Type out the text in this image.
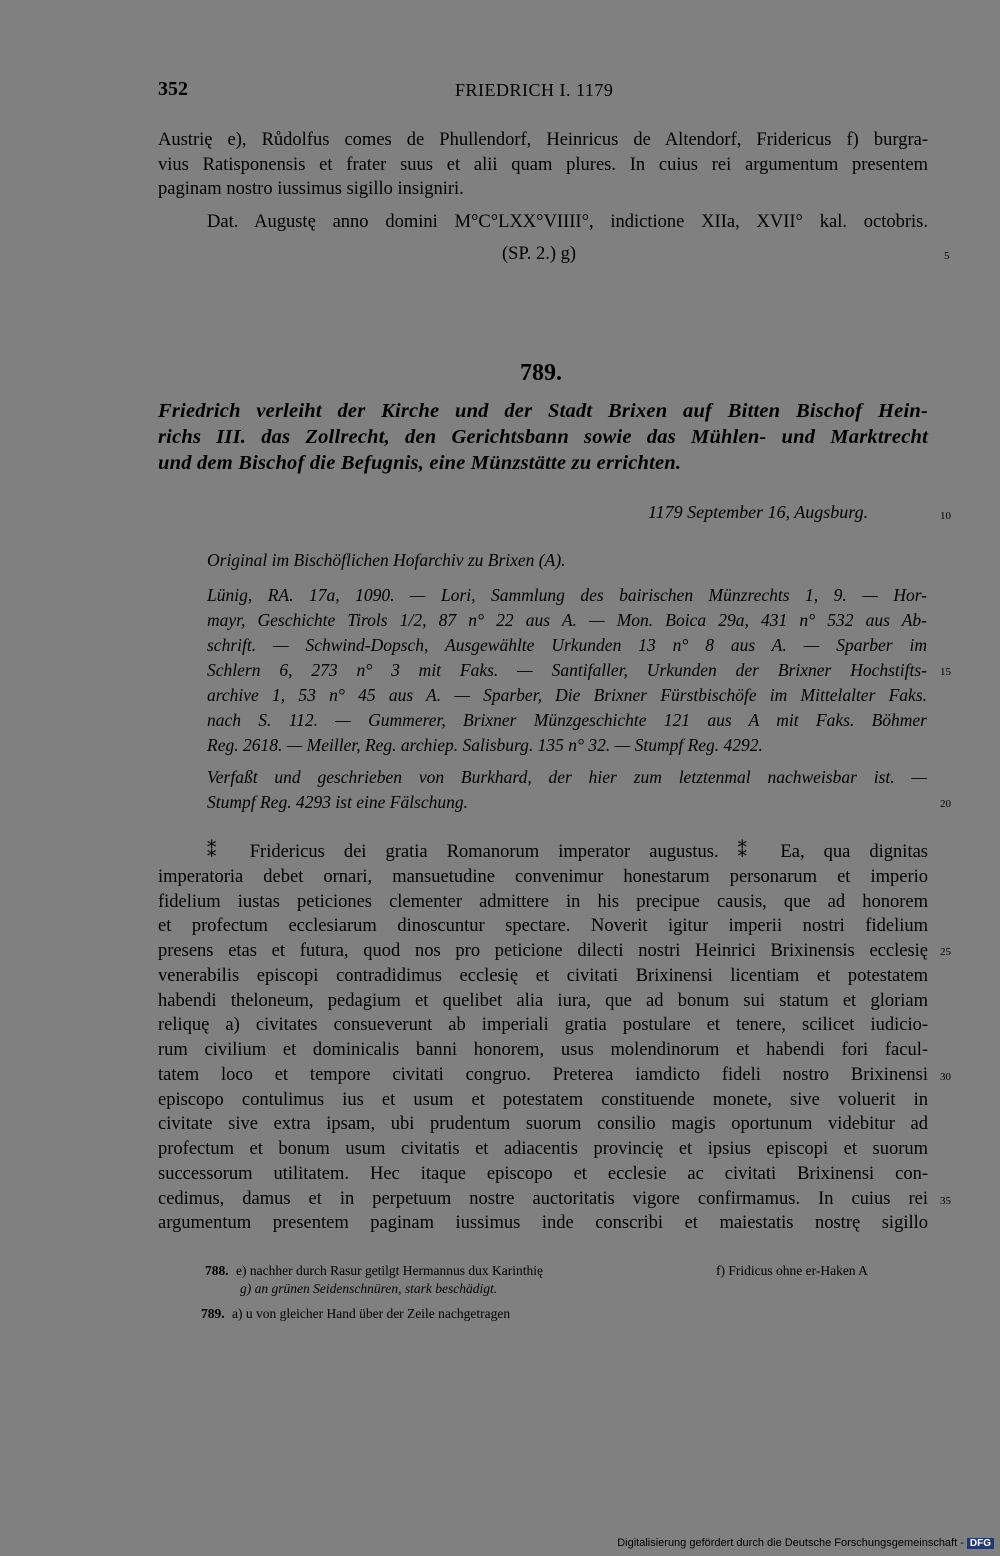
352	FRIEDRICH I. 1179
Austrię e), Růdolfus comes de Phullendorf, Heinricus de Altendorf, Fridericus f) burgra-
vius Ratisponensis et frater suus et alii quam plures. In cuius rei argumentum presentem
paginam nostro iussimus sigillo insigniri.
Dat. Augustę anno domini M°C°LXX°VIIII°, indictione XIIa, XVII° kal. octobris.
(SP. 2.) g)	5
789.
Friedrich verleiht der Kirche und der Stadt Brixen auf Bitten Bischof Hein-
richs III. das Zollrecht, den Gerichtsbann sowie das Mühlen- und Marktrecht
und dem Bischof die Befugnis, eine Münzstätte zu errichten.
1179 September 16, Augsburg.	10
Original im Bischöflichen Hofarchiv zu Brixen (A).
Lünig, RA. 17a, 1090. — Lori, Sammlung des bairischen Münzrechts 1, 9. — Hor-
mayr, Geschichte Tirols 1/2, 87 n° 22 aus A. — Mon. Boica 29a, 431 n° 532 aus Ab-
schrift. — Schwind-Dopsch, Ausgewählte Urkunden 13 n° 8 aus A. — Sparber im
Schlern 6, 273 n° 3 mit Faks. — Santifaller, Urkunden der Brixner Hochstifts-
archive 1, 53 n° 45 aus A. — Sparber, Die Brixner Fürstbischöfe im Mittelalter Faks.
nach S. 112. — Gummerer, Brixner Münzgeschichte 121 aus A mit Faks. Böhmer
Reg. 2618. — Meiller, Reg. archiep. Salisburg. 135 n° 32. — Stumpf Reg. 4292.
15
Verfaßt und geschrieben von Burkhard, der hier zum letztenmal nachweisbar ist. —
Stumpf Reg. 4293 ist eine Fälschung.	20
⁑ Fridericus dei gratia Romanorum imperator augustus. ⁑ Ea, qua dignitas
imperatoria debet ornari, mansuetudine convenimur honestarum personarum et imperio
fidelium iustas peticiones clementer admittere in his precipue causis, que ad honorem
et profectum ecclesiarum dinoscuntur spectare. Noverit igitur imperii nostri fidelium
presens etas et futura, quod nos pro peticione dilecti nostri Heinrici Brixinensis ecclesię
venerabilis episcopi contradidimus ecclesię et civitati Brixinensi licentiam et potestatem
habendi theloneum, pedagium et quelibet alia iura, que ad bonum sui statum et gloriam
reliquę a) civitates consueverunt ab imperiali gratia postulare et tenere, scilicet iudicio-
rum civilium et dominicalis banni honorem, usus molendinorum et habendi fori facul-
tatem loco et tempore civitati congruo. Preterea iamdicto fideli nostro Brixinensi
episcopo contulimus ius et usum et potestatem constituende monete, sive voluerit in
civitate sive extra ipsam, ubi prudentum suorum consilio magis oportunum videbitur ad
profectum et bonum usum civitatis et adiacentis provincię et ipsius episcopi et suorum
successorum utilitatem. Hec itaque episcopo et ecclesie ac civitati Brixinensi con-
cedimus, damus et in perpetuum nostre auctoritatis vigore confirmamus. In cuius rei
argumentum presentem paginam iussimus inde conscribi et maiestatis nostrę sigillo
25
30
35
788. e) nachher durch Rasur getilgt Hermannus dux Karinthię	f) Fridicus ohne er-Haken A
g) an grünen Seidenschnüren, stark beschädigt.
789. a) u von gleicher Hand über der Zeile nachgetragen
Digitalisierung gefördert durch die Deutsche Forschungsgemeinschaft - DFG
